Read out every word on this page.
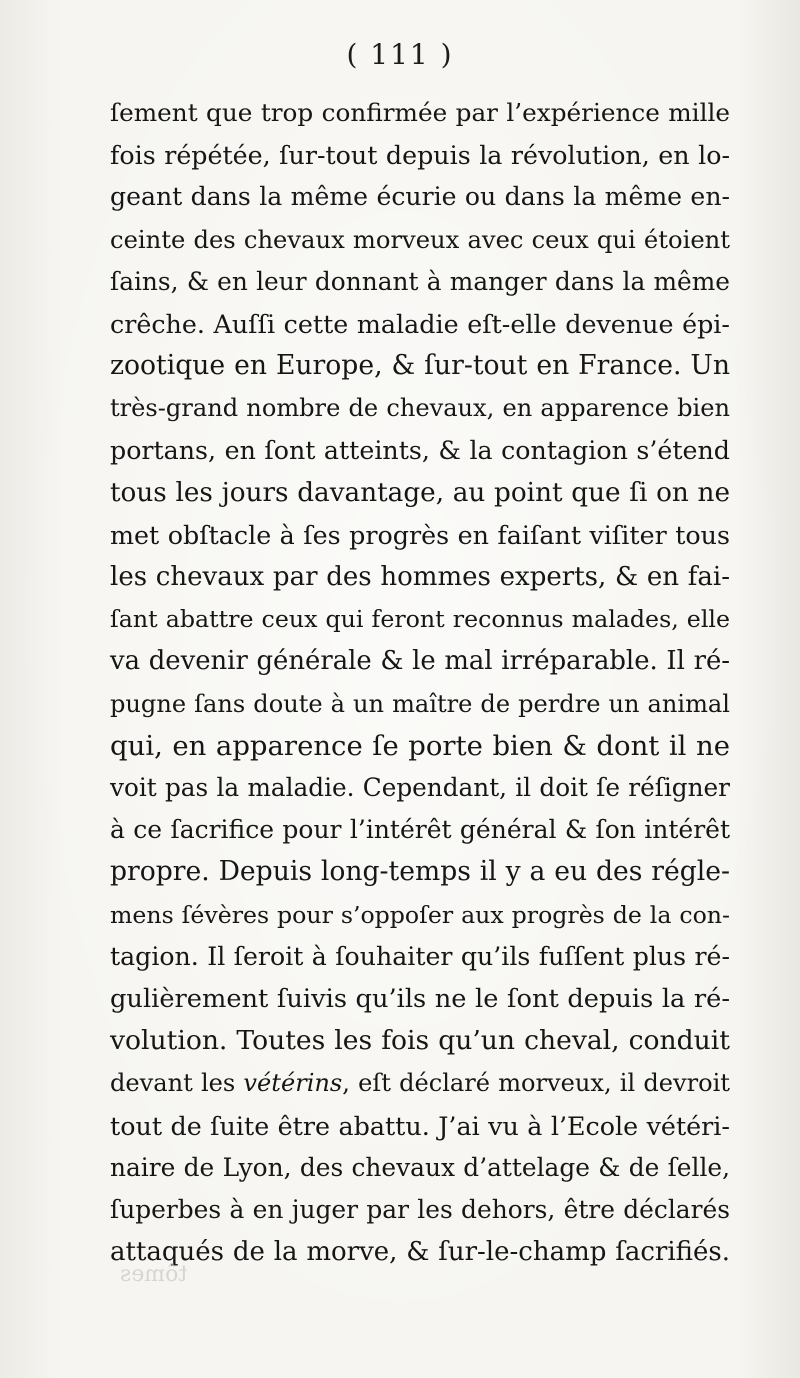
( 111 )
ſement que trop confirmée par l’expérience mille
fois répétée, ſur-tout depuis la révolution, en lo-
geant dans la même écurie ou dans la même en-
ceinte des chevaux morveux avec ceux qui étoient
ſains, & en leur donnant à manger dans la même
crêche. Auſſi cette maladie eſt-elle devenue épi-
zootique en Europe, & ſur-tout en France. Un
très-grand nombre de chevaux, en apparence bien
portans, en ſont atteints, & la contagion s’étend
tous les jours davantage, au point que ſi on ne
met obſtacle à ſes progrès en faiſant viſiter tous
les chevaux par des hommes experts, & en fai-
ſant abattre ceux qui feront reconnus malades, elle
va devenir générale & le mal irréparable. Il ré-
pugne ſans doute à un maître de perdre un animal
qui, en apparence ſe porte bien & dont il ne
voit pas la maladie. Cependant, il doit ſe réſigner
à ce ſacrifice pour l’intérêt général & ſon intérêt
propre. Depuis long-temps il y a eu des régle-
mens ſévères pour s’oppoſer aux progrès de la con-
tagion. Il ſeroit à ſouhaiter qu’ils fuſſent plus ré-
gulièrement ſuivis qu’ils ne le ſont depuis la ré-
volution. Toutes les fois qu’un cheval, conduit
devant les vétérins, eſt déclaré morveux, il devroit
tout de ſuite être abattu. J’ai vu à l’Ecole vétéri-
naire de Lyon, des chevaux d’attelage & de ſelle,
ſuperbes à en juger par les dehors, être déclarés
attaqués de la morve, & ſur-le-champ ſacrifiés.
tômes
